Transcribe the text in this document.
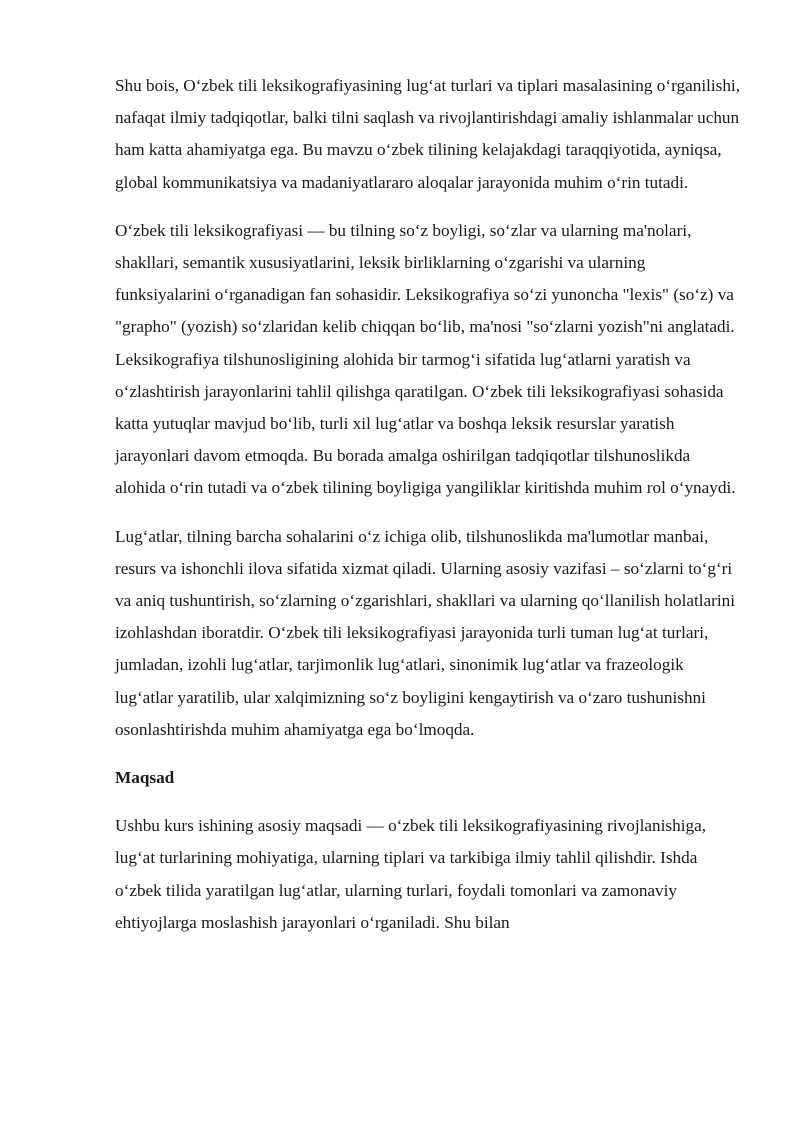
Shu bois, O‘zbek tili leksikografiyasining lug‘at turlari va tiplari masalasining o‘rganilishi, nafaqat ilmiy tadqiqotlar, balki tilni saqlash va rivojlantirishdagi amaliy ishlanmalar uchun ham katta ahamiyatga ega. Bu mavzu o‘zbek tilining kelajakdagi taraqqiyotida, ayniqsa, global kommunikatsiya va madaniyatlararo aloqalar jarayonida muhim o‘rin tutadi.

O‘zbek tili leksikografiyasi — bu tilning so‘z boyligi, so‘zlar va ularning ma'nolari, shakllari, semantik xususiyatlarini, leksik birliklarning o‘zgarishi va ularning funksiyalarini o‘rganadigan fan sohasidir. Leksikografiya so‘zi yunoncha "lexis" (so‘z) va "grapho" (yozish) so‘zlaridan kelib chiqqan bo‘lib, ma'nosi "so‘zlarni yozish"ni anglatadi. Leksikografiya tilshunosligining alohida bir tarmog‘i sifatida lug‘atlarni yaratish va o‘zlashtirish jarayonlarini tahlil qilishga qaratilgan. O‘zbek tili leksikografiyasi sohasida katta yutuqlar mavjud bo‘lib, turli xil lug‘atlar va boshqa leksik resurslar yaratish jarayonlari davom etmoqda. Bu borada amalga oshirilgan tadqiqotlar tilshunoslikda alohida o‘rin tutadi va o‘zbek tilining boyligiga yangiliklar kiritishda muhim rol o‘ynaydi.

Lug‘atlar, tilning barcha sohalarini o‘z ichiga olib, tilshunoslikda ma'lumotlar manbai, resurs va ishonchli ilova sifatida xizmat qiladi. Ularning asosiy vazifasi – so‘zlarni to‘g‘ri va aniq tushuntirish, so‘zlarning o‘zgarishlari, shakllari va ularning qo‘llanilish holatlarini izohlashdan iboratdir. O‘zbek tili leksikografiyasi jarayonida turli tuman lug‘at turlari, jumladan, izohli lug‘atlar, tarjimonlik lug‘atlari, sinonimik lug‘atlar va frazeologik lug‘atlar yaratilib, ular xalqimizning so‘z boyligini kengaytirish va o‘zaro tushunishni osonlashtirishda muhim ahamiyatga ega bo‘lmoqda.

Maqsad

Ushbu kurs ishining asosiy maqsadi — o‘zbek tili leksikografiyasining rivojlanishiga, lug‘at turlarining mohiyatiga, ularning tiplari va tarkibiga ilmiy tahlil qilishdir. Ishda o‘zbek tilida yaratilgan lug‘atlar, ularning turlari, foydali tomonlari va zamonaviy ehtiyojlarga moslashish jarayonlari o‘rganiladi. Shu bilan
